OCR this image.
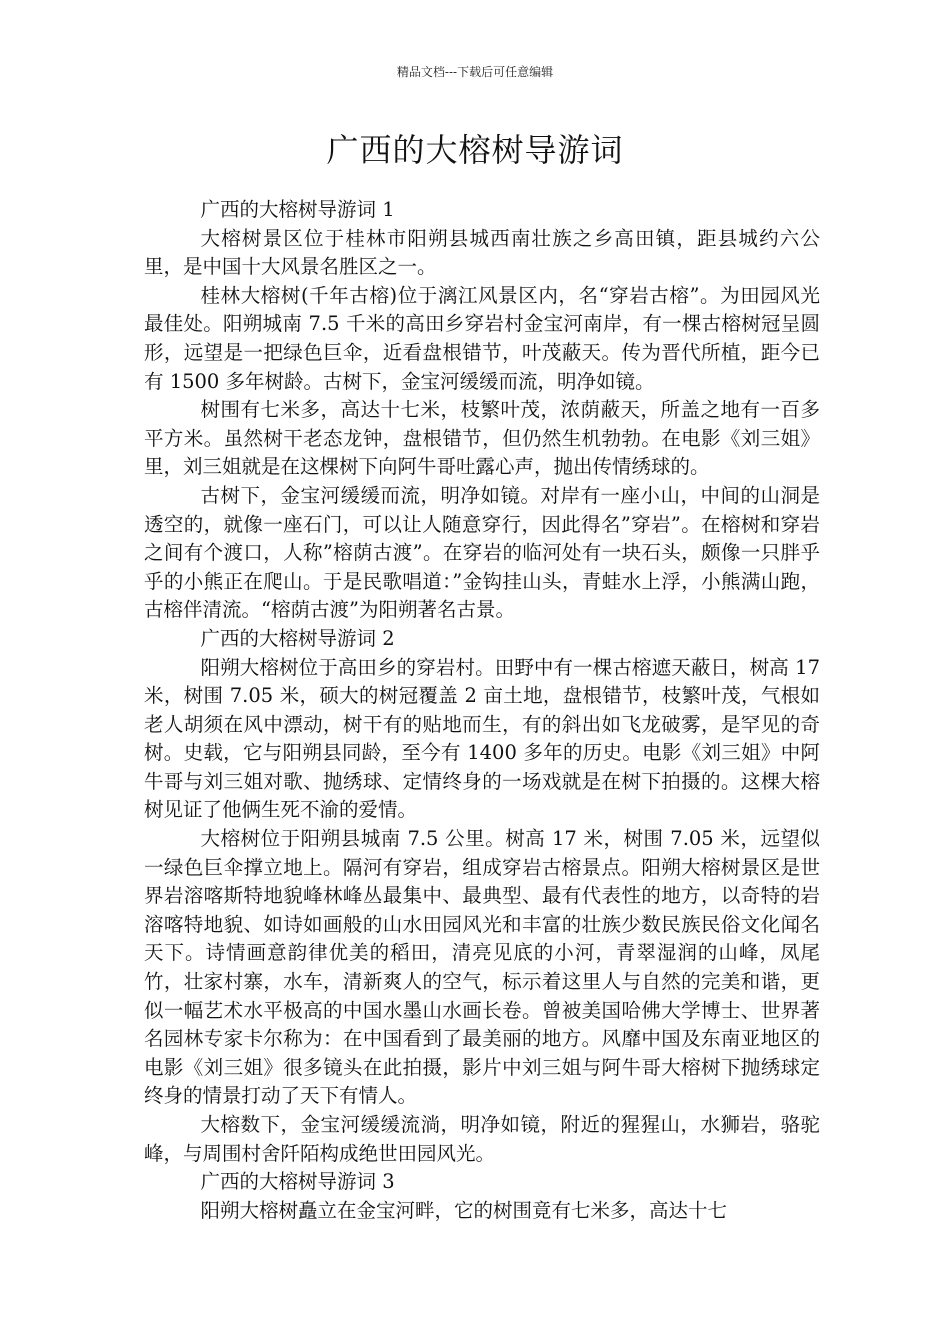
精品文档---下载后可任意编辑
广西的大榕树导游词

广西的大榕树导游词 1

大榕树景区位于桂林市阳朔县城西南壮族之乡高田镇，距县城约六公里，是中国十大风景名胜区之一。

桂林大榕树(千年古榕)位于漓江风景区内，名“穿岩古榕”。为田园风光最佳处。阳朔城南 7.5 千米的高田乡穿岩村金宝河南岸，有一棵古榕树冠呈圆形，远望是一把绿色巨伞，近看盘根错节，叶茂蔽天。传为晋代所植，距今已有 1500 多年树龄。古树下，金宝河缓缓而流，明净如镜。

树围有七米多，高达十七米，枝繁叶茂，浓荫蔽天，所盖之地有一百多平方米。虽然树干老态龙钟，盘根错节，但仍然生机勃勃。在电影《刘三姐》里，刘三姐就是在这棵树下向阿牛哥吐露心声，抛出传情绣球的。

古树下，金宝河缓缓而流，明净如镜。对岸有一座小山，中间的山洞是透空的，就像一座石门，可以让人随意穿行，因此得名”穿岩”。在榕树和穿岩之间有个渡口，人称”榕荫古渡”。在穿岩的临河处有一块石头，颇像一只胖乎乎的小熊正在爬山。于是民歌唱道：”金钩挂山头，青蛙水上浮，小熊满山跑，古榕伴清流。“榕荫古渡”为阳朔著名古景。

广西的大榕树导游词 2

阳朔大榕树位于高田乡的穿岩村。田野中有一棵古榕遮天蔽日，树高 17 米，树围 7.05 米，硕大的树冠覆盖 2 亩土地，盘根错节，枝繁叶茂，气根如老人胡须在风中漂动，树干有的贴地而生，有的斜出如飞龙破雾，是罕见的奇树。史载，它与阳朔县同龄，至今有 1400 多年的历史。电影《刘三姐》中阿牛哥与刘三姐对歌、抛绣球、定情终身的一场戏就是在树下拍摄的。这棵大榕树见证了他俩生死不渝的爱情。

大榕树位于阳朔县城南 7.5 公里。树高 17 米，树围 7.05 米，远望似一绿色巨伞撑立地上。隔河有穿岩，组成穿岩古榕景点。阳朔大榕树景区是世界岩溶喀斯特地貌峰林峰丛最集中、最典型、最有代表性的地方，以奇特的岩溶喀特地貌、如诗如画般的山水田园风光和丰富的壮族少数民族民俗文化闻名天下。诗情画意韵律优美的稻田，清亮见底的小河，青翠湿润的山峰，凤尾竹，壮家村寨，水车，清新爽人的空气，标示着这里人与自然的完美和谐，更似一幅艺术水平极高的中国水墨山水画长卷。曾被美国哈佛大学博士、世界著名园林专家卡尔称为：在中国看到了最美丽的地方。风靡中国及东南亚地区的电影《刘三姐》很多镜头在此拍摄，影片中刘三姐与阿牛哥大榕树下抛绣球定终身的情景打动了天下有情人。

大榕数下，金宝河缓缓流淌，明净如镜，附近的猩猩山，水狮岩，骆驼峰，与周围村舍阡陌构成绝世田园风光。

广西的大榕树导游词 3

阳朔大榕树矗立在金宝河畔，它的树围竟有七米多，高达十七
